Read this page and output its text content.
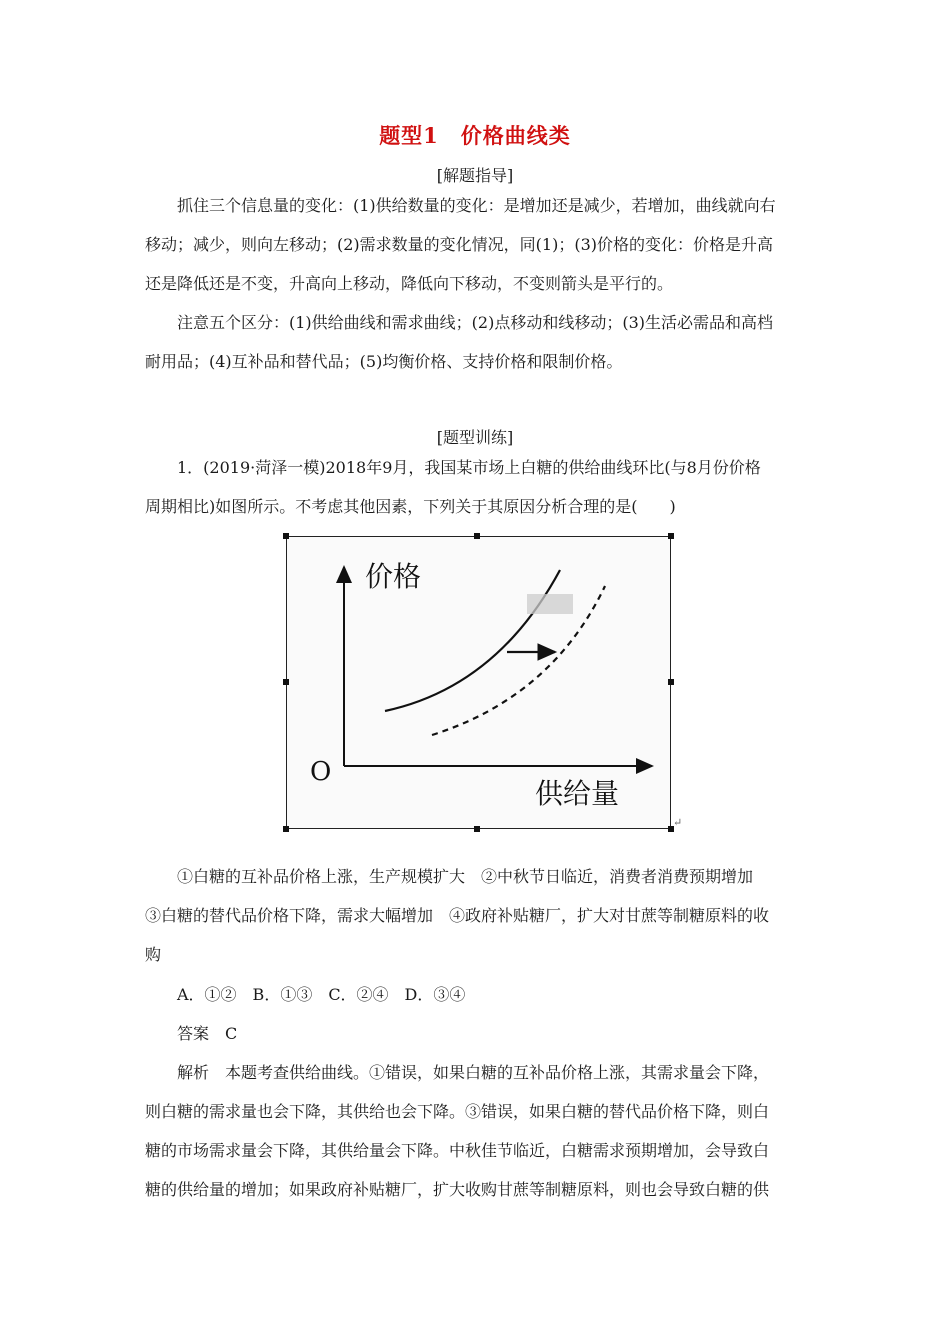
题型1　价格曲线类
[解题指导]
抓住三个信息量的变化：(1)供给数量的变化：是增加还是减少，若增加，曲线就向右
移动；减少，则向左移动；(2)需求数量的变化情况，同(1)；(3)价格的变化：价格是升高
还是降低还是不变，升高向上移动，降低向下移动，不变则箭头是平行的。
注意五个区分：(1)供给曲线和需求曲线；(2)点移动和线移动；(3)生活必需品和高档
耐用品；(4)互补品和替代品；(5)均衡价格、支持价格和限制价格。
[题型训练]
1．(2019·菏泽一模)2018年9月，我国某市场上白糖的供给曲线环比(与8月份价格
周期相比)如图所示。不考虑其他因素，下列关于其原因分析合理的是(　　)
价格
供给量
O
↵
①白糖的互补品价格上涨，生产规模扩大　②中秋节日临近，消费者消费预期增加
③白糖的替代品价格下降，需求大幅增加　④政府补贴糖厂，扩大对甘蔗等制糖原料的收
购
A．①②　B．①③　C．②④　D．③④
答案　C
解析　本题考查供给曲线。①错误，如果白糖的互补品价格上涨，其需求量会下降，
则白糖的需求量也会下降，其供给也会下降。③错误，如果白糖的替代品价格下降，则白
糖的市场需求量会下降，其供给量会下降。中秋佳节临近，白糖需求预期增加，会导致白
糖的供给量的增加；如果政府补贴糖厂，扩大收购甘蔗等制糖原料，则也会导致白糖的供
